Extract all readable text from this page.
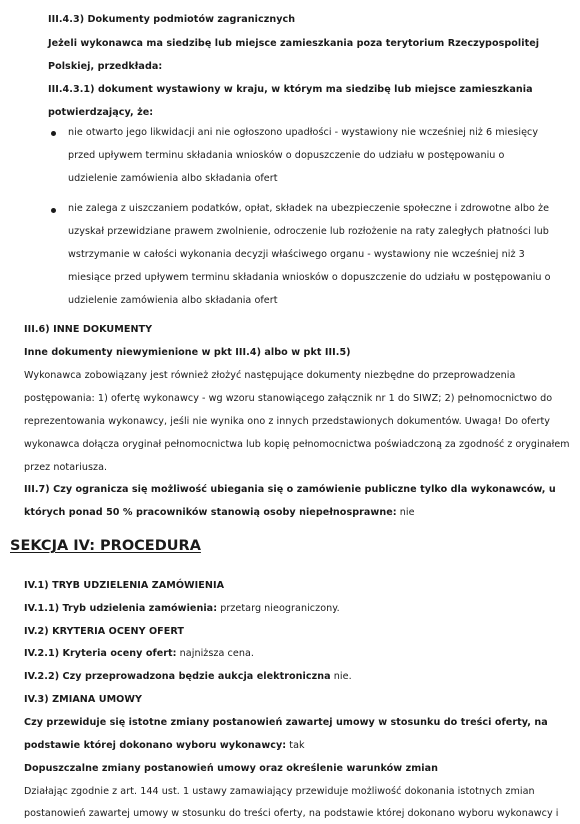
III.4.3) Dokumenty podmiotów zagranicznych
Jeżeli wykonawca ma siedzibę lub miejsce zamieszkania poza terytorium Rzeczypospolitej
Polskiej, przedkłada:
III.4.3.1) dokument wystawiony w kraju, w którym ma siedzibę lub miejsce zamieszkania
potwierdzający, że:
nie otwarto jego likwidacji ani nie ogłoszono upadłości - wystawiony nie wcześniej niż 6 miesięcy
przed upływem terminu składania wniosków o dopuszczenie do udziału w postępowaniu o
udzielenie zamówienia albo składania ofert
nie zalega z uiszczaniem podatków, opłat, składek na ubezpieczenie społeczne i zdrowotne albo że
uzyskał przewidziane prawem zwolnienie, odroczenie lub rozłożenie na raty zaległych płatności lub
wstrzymanie w całości wykonania decyzji właściwego organu - wystawiony nie wcześniej niż 3
miesiące przed upływem terminu składania wniosków o dopuszczenie do udziału w postępowaniu o
udzielenie zamówienia albo składania ofert
III.6) INNE DOKUMENTY
Inne dokumenty niewymienione w pkt III.4) albo w pkt III.5)
Wykonawca zobowiązany jest również złożyć następujące dokumenty niezbędne do przeprowadzenia
postępowania: 1) ofertę wykonawcy - wg wzoru stanowiącego załącznik nr 1 do SIWZ; 2) pełnomocnictwo do
reprezentowania wykonawcy, jeśli nie wynika ono z innych przedstawionych dokumentów. Uwaga! Do oferty
wykonawca dołącza oryginał pełnomocnictwa lub kopię pełnomocnictwa poświadczoną za zgodność z oryginałem
przez notariusza.
III.7) Czy ogranicza się możliwość ubiegania się o zamówienie publiczne tylko dla wykonawców, u
których ponad 50 % pracowników stanowią osoby niepełnosprawne: nie
SEKCJA IV: PROCEDURA
IV.1) TRYB UDZIELENIA ZAMÓWIENIA
IV.1.1) Tryb udzielenia zamówienia: przetarg nieograniczony.
IV.2) KRYTERIA OCENY OFERT
IV.2.1) Kryteria oceny ofert: najniższa cena.
IV.2.2) Czy przeprowadzona będzie aukcja elektroniczna nie.
IV.3) ZMIANA UMOWY
Czy przewiduje się istotne zmiany postanowień zawartej umowy w stosunku do treści oferty, na
podstawie której dokonano wyboru wykonawcy: tak
Dopuszczalne zmiany postanowień umowy oraz określenie warunków zmian
Działając zgodnie z art. 144 ust. 1 ustawy zamawiający przewiduje możliwość dokonania istotnych zmian
postanowień zawartej umowy w stosunku do treści oferty, na podstawie której dokonano wyboru wykonawcy i
